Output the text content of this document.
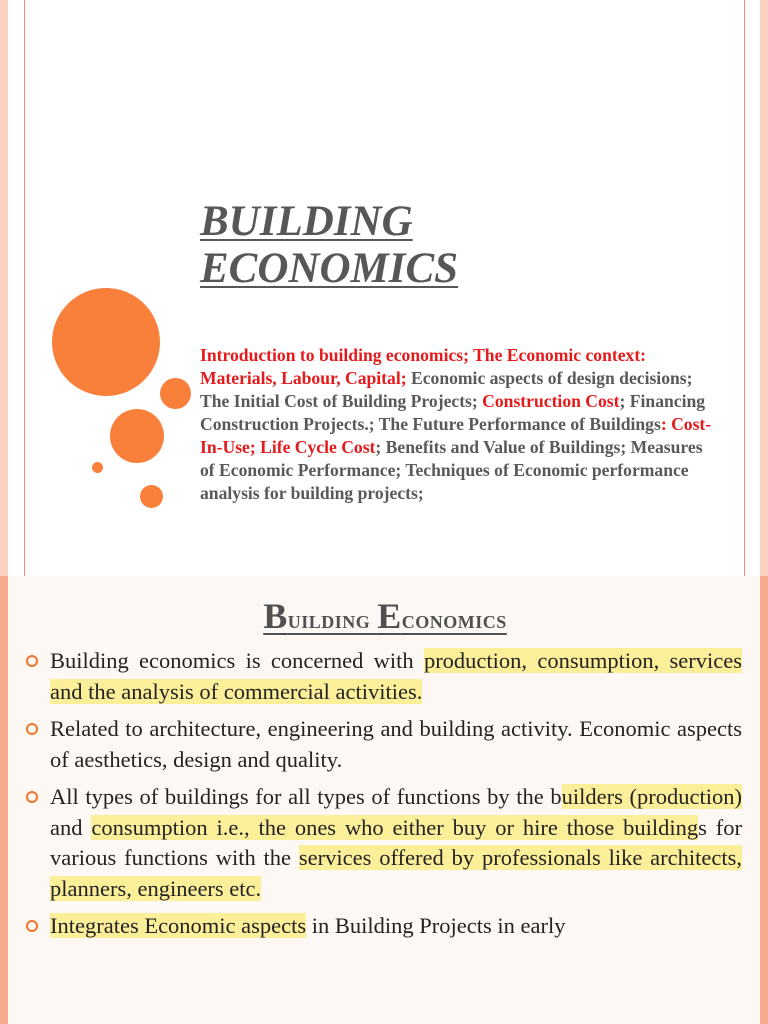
BUILDING
ECONOMICS

Introduction to building economics; The Economic context: Materials, Labour, Capital; Economic aspects of design decisions; The Initial Cost of Building Projects; Construction Cost; Financing Construction Projects.; The Future Performance of Buildings: Cost-In-Use; Life Cycle Cost; Benefits and Value of Buildings; Measures of Economic Performance; Techniques of Economic performance analysis for building projects;

Building Economics
Building economics is concerned with production, consumption, services and the analysis of commercial activities.
Related to architecture, engineering and building activity. Economic aspects of aesthetics, design and quality.
All types of buildings for all types of functions by the builders (production) and consumption i.e., the ones who either buy or hire those buildings for various functions with the services offered by professionals like architects, planners, engineers etc.
Integrates Economic aspects in Building Projects in early
